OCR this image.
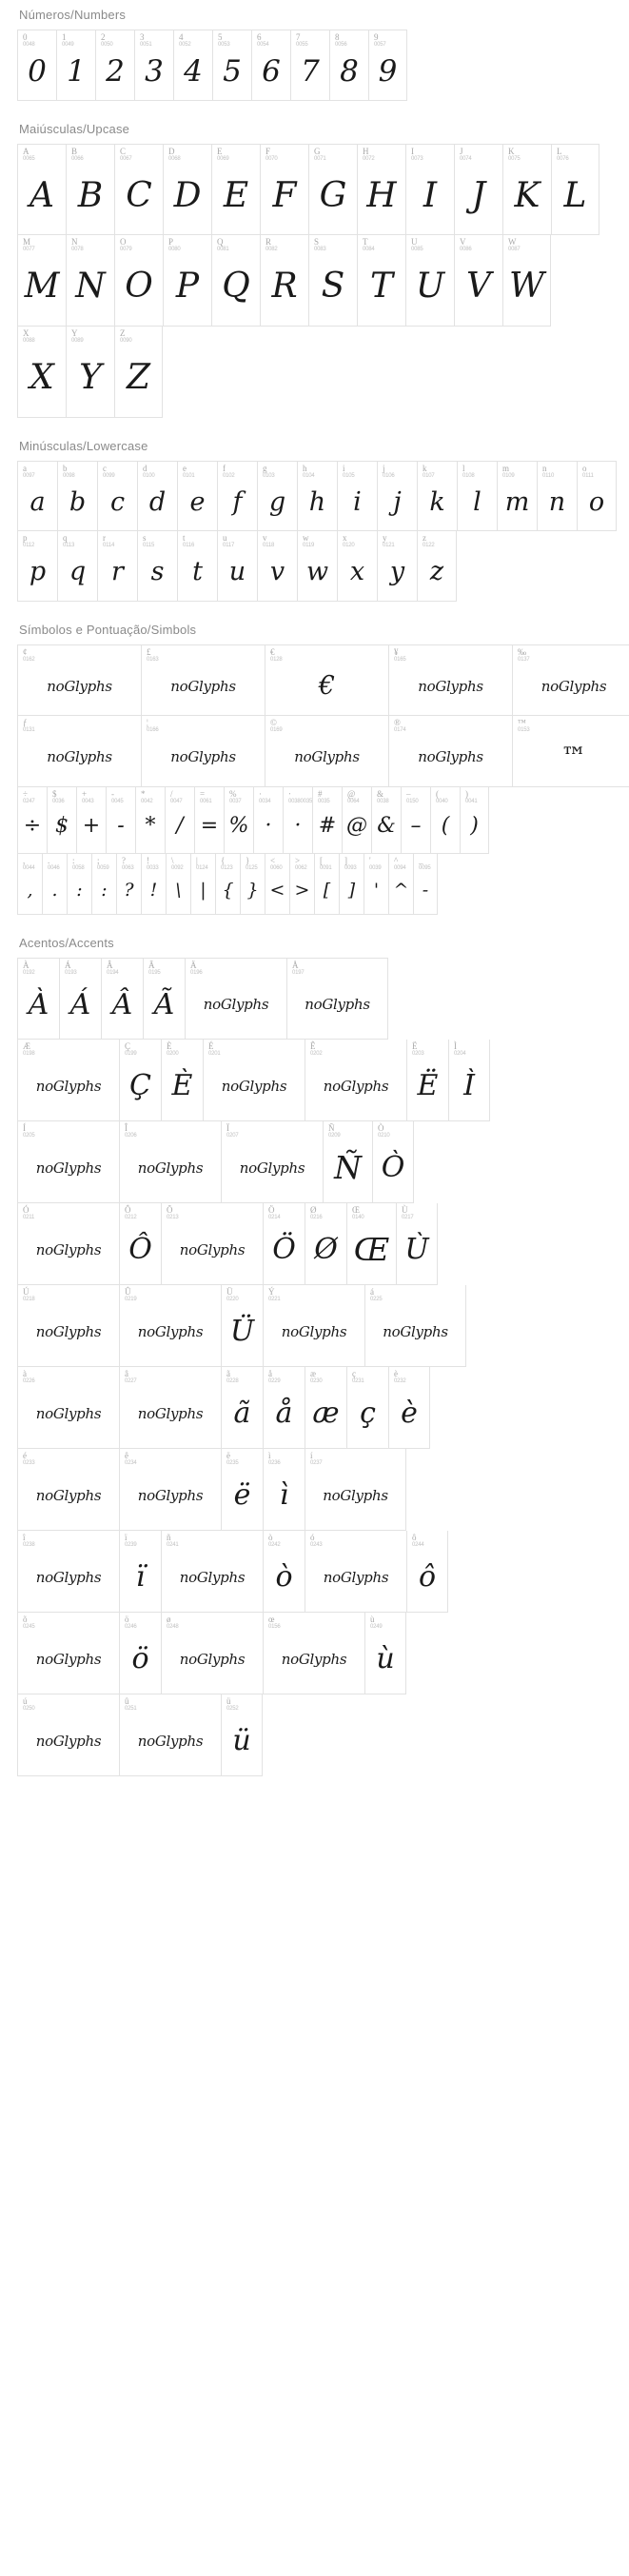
Números/Numbers
0
0048
0
1
0049
1
2
0050
2
3
0051
3
4
0052
4
5
0053
5
6
0054
6
7
0055
7
8
0056
8
9
0057
9
Maiúsculas/Upcase
A
0065
A
B
0066
B
C
0067
C
D
0068
D
E
0069
E
F
0070
F
G
0071
G
H
0072
H
I
0073
I
J
0074
J
K
0075
K
L
0076
L
M
0077
M
N
0078
N
O
0079
O
P
0080
P
Q
0081
Q
R
0082
R
S
0083
S
T
0084
T
U
0085
U
V
0086
V
W
0087
W
X
0088
X
Y
0089
Y
Z
0090
Z
Minúsculas/Lowercase
a
0097
a
b
0098
b
c
0099
c
d
0100
d
e
0101
e
f
0102
f
g
0103
g
h
0104
h
i
0105
i
j
0106
j
k
0107
k
l
0108
l
m
0109
m
n
0110
n
o
0111
o
p
0112
p
q
0113
q
r
0114
r
s
0115
s
t
0116
t
u
0117
u
v
0118
v
w
0119
w
x
0120
x
y
0121
y
z
0122
z
Símbolos e Pontuação/Simbols
¢
0162
noGlyphs
£
0163
noGlyphs
€
0128
€
¥
0165
noGlyphs
‰
0137
noGlyphs
ƒ
0131
noGlyphs
¦
0166
noGlyphs
©
0169
noGlyphs
®
0174
noGlyphs
™
0153
™
÷
0247
÷
$
0036
$
+
0043
+
-
0045
-
*
0042
*
/
0047
/
=
0061
=
%
0037
%
·
0034
·
‧
00380035
·
#
0035
#
@
0064
@
&
0038
&
–
0150
–
(
0040
(
)
0041
)
,
0044
,
.
0046
.
:
0058
:
;
0059
:
?
0063
?
!
0033
!
\
0092
\
|
0124
|
{
0123
{
}
0125
}
<
0060
<
>
0062
>
[
0091
[
]
0093
]
'
0039
'
^
0094
^
_
0095
-
Acentos/Accents
À
0192
À
Á
0193
Á
Â
0194
Â
Ã
0195
Ã
Ä
0196
noGlyphs
Å
0197
noGlyphs
Æ
0198
noGlyphs
Ç
0199
Ç
È
0200
È
É
0201
noGlyphs
Ê
0202
noGlyphs
Ë
0203
Ë
Ì
0204
Ì
Í
0205
noGlyphs
Î
0206
noGlyphs
Ï
0207
noGlyphs
Ñ
0209
Ñ
Ò
0210
Ò
Ó
0211
noGlyphs
Ô
0212
Ô
Õ
0213
noGlyphs
Ö
0214
Ö
Ø
0216
Ø
Œ
0140
Œ
Ù
0217
Ù
Ú
0218
noGlyphs
Û
0219
noGlyphs
Ü
0220
Ü
Ý
0221
noGlyphs
á
0225
noGlyphs
à
0226
noGlyphs
â
0227
noGlyphs
ã
0228
ã
å
0229
å
æ
0230
æ
ç
0231
ç
è
0232
è
é
0233
noGlyphs
ê
0234
noGlyphs
ë
0235
ë
ì
0236
ì
í
0237
noGlyphs
î
0238
noGlyphs
ï
0239
ï
ñ
0241
noGlyphs
ò
0242
ò
ó
0243
noGlyphs
ô
0244
ô
õ
0245
noGlyphs
ö
0246
ö
ø
0248
noGlyphs
œ
0156
noGlyphs
ù
0249
ù
ú
0250
noGlyphs
û
0251
noGlyphs
ü
0252
ü
